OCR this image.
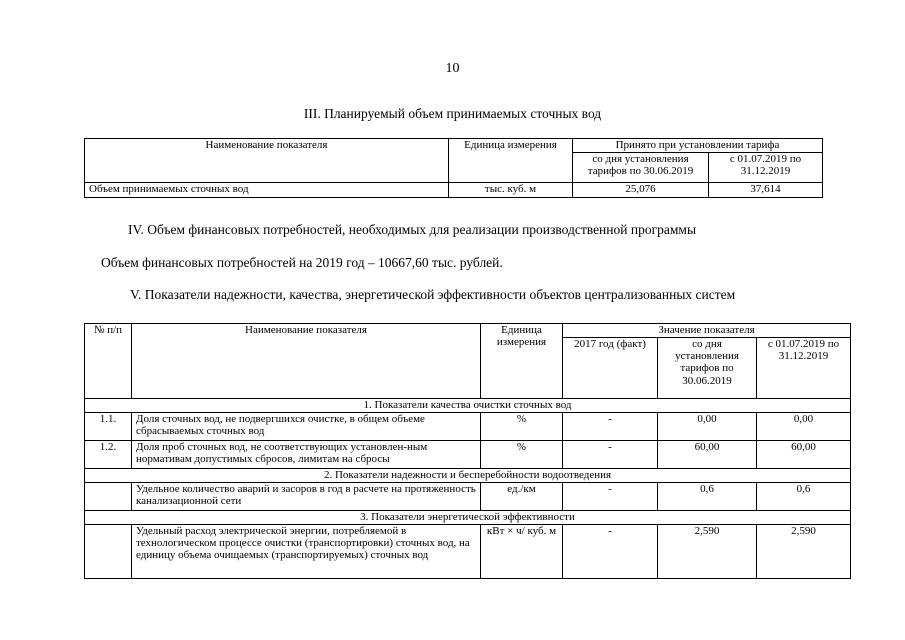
10
III. Планируемый объем принимаемых сточных вод
Наименование показателя	Единица измерения	Принято при установлении тарифа	
		со дня установления тарифов по 30.06.2019	с 01.07.2019 по 31.12.2019
Объем принимаемых сточных вод	тыс. куб. м	25,076	37,614
IV. Объем финансовых потребностей, необходимых для реализации производственной программы
Объем финансовых потребностей на 2019 год – 10667,60 тыс. рублей.
V. Показатели надежности, качества, энергетической эффективности объектов централизованных систем
№ п/п	Наименование показателя	Единица измерения	Значение показателя		
			2017 год (факт)	со дня установления тарифов по 30.06.2019	с 01.07.2019 по 31.12.2019
1. Показатели качества очистки сточных вод					
1.1.	Доля сточных вод, не подвергшихся очистке, в общем объеме сбрасываемых сточных вод	%	-	0,00	0,00
1.2.	Доля проб сточных вод, не соответствующих установлен-ным нормативам допустимых сбросов, лимитам на сбросы	%	-	60,00	60,00
2. Показатели надежности и бесперебойности водоотведения					
	Удельное количество аварий и засоров в год в расчете на протяженность канализационной сети	ед./км	-	0,6	0,6
3. Показатели энергетической эффективности					
	Удельный расход электрической энергии, потребляемой в технологическом процессе очистки (транспортировки) сточных вод, на единицу объема очищаемых (транспортируемых) сточных вод	кВт × ч/ куб. м	-	2,590	2,590
